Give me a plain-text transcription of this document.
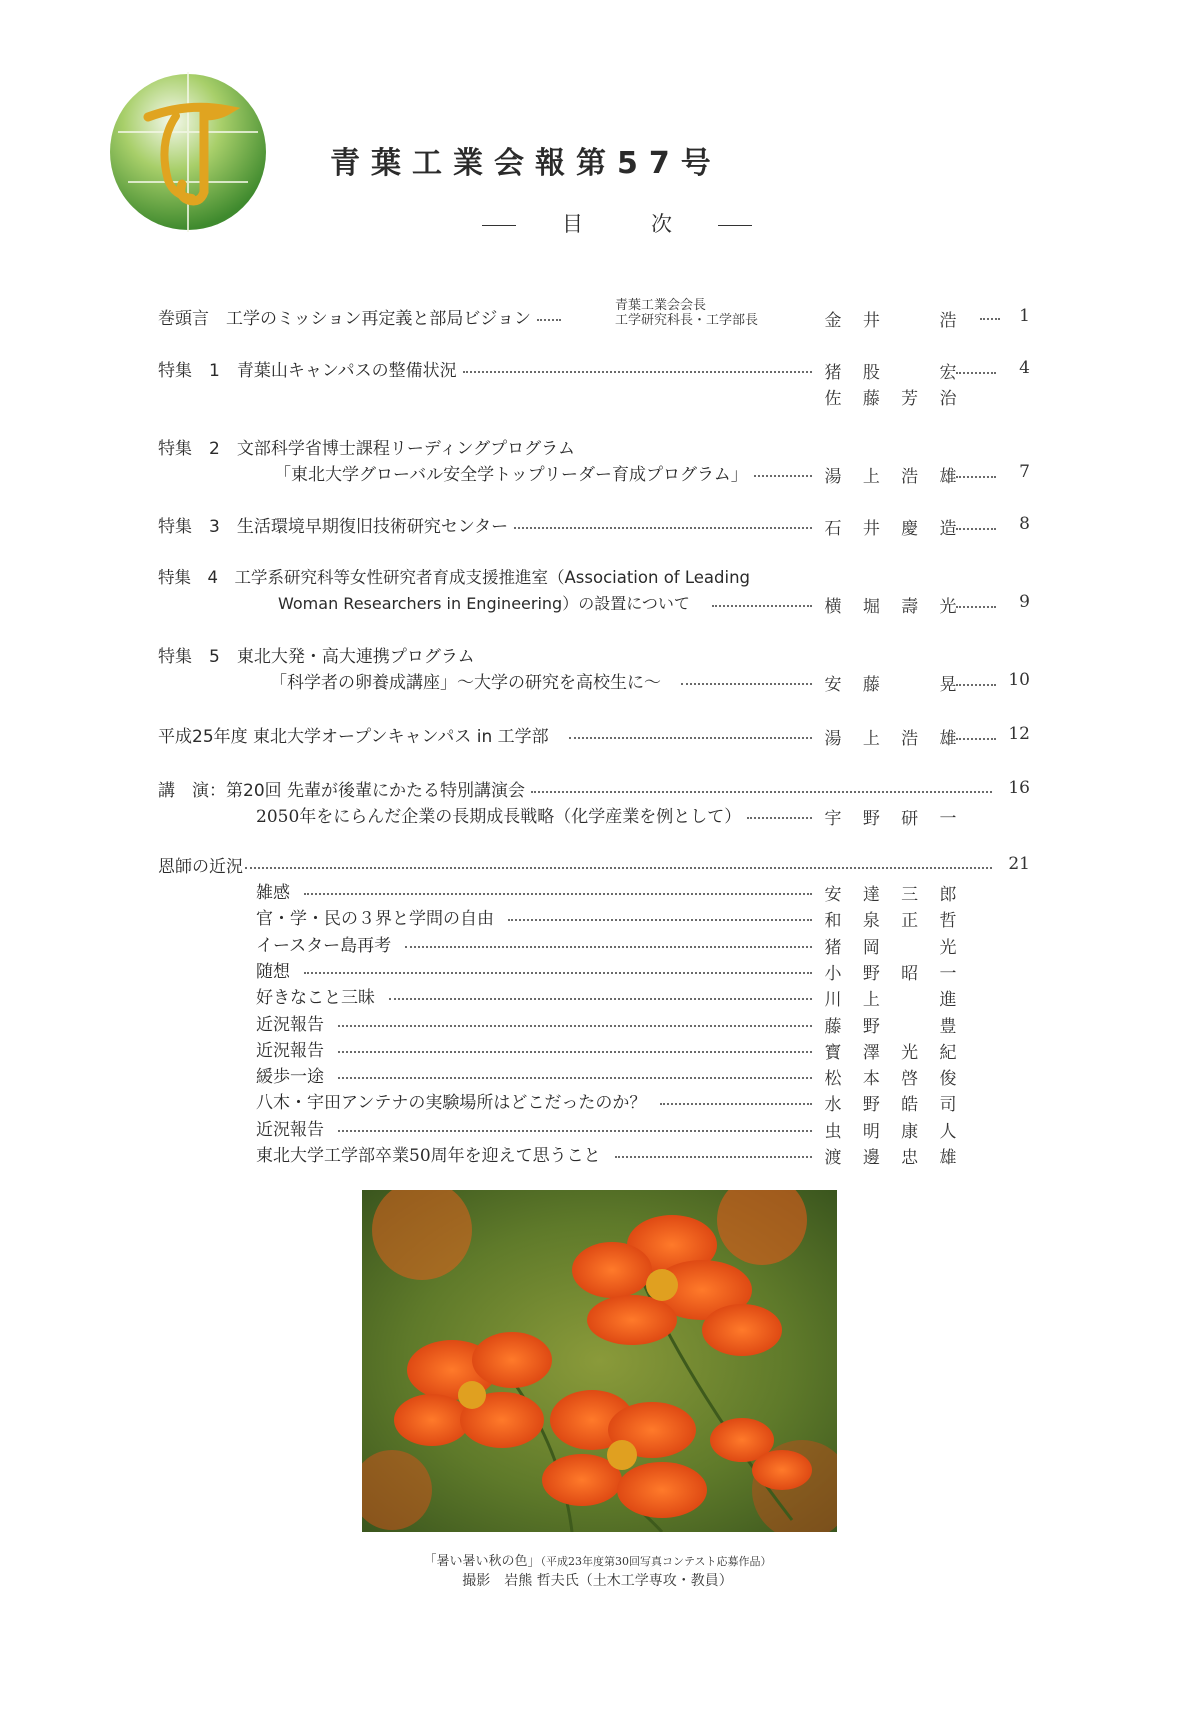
青葉工業会報第57号
目	次
巻頭言　工学のミッション再定義と部局ビジョン
青葉工業会会長
工学研究科長・工学部長	金 井	浩	1
特集　1　青葉山キャンパスの整備状況	猪 股	宏	4
佐 藤 芳 治
特集　2　文部科学省博士課程リーディングプログラム
「東北大学グローバル安全学トップリーダー育成プログラム」	湯 上 浩 雄	7
特集　3　生活環境早期復旧技術研究センター	石 井 慶 造	8
特集　4　工学系研究科等女性研究者育成支援推進室（Association of Leading
Woman Researchers in Engineering）の設置について	横 堀 壽 光	9
特集　5　東北大発・高大連携プログラム
「科学者の卵養成講座」～大学の研究を高校生に～	安 藤	晃	10
平成25年度 東北大学オープンキャンパス in 工学部	湯 上 浩 雄	12
講　演：第20回 先輩が後輩にかたる特別講演会	16
2050年をにらんだ企業の長期成長戦略（化学産業を例として）	宇 野 研 一
恩師の近況	21
雑感	安 達 三 郎
官・学・民の３界と学問の自由	和 泉 正 哲
イースター島再考	猪 岡	光
随想	小 野 昭 一
好きなこと三昧	川 上	進
近況報告	藤 野	豊
近況報告	寳 澤 光 紀
緩歩一途	松 本 啓 俊
八木・宇田アンテナの実験場所はどこだったのか？	水 野 皓 司
近況報告	虫 明 康 人
東北大学工学部卒業50周年を迎えて思うこと	渡 邊 忠 雄
「暑い暑い秋の色」（平成23年度第30回写真コンテスト応募作品）
撮影　岩熊 哲夫氏（土木工学専攻・教員）
